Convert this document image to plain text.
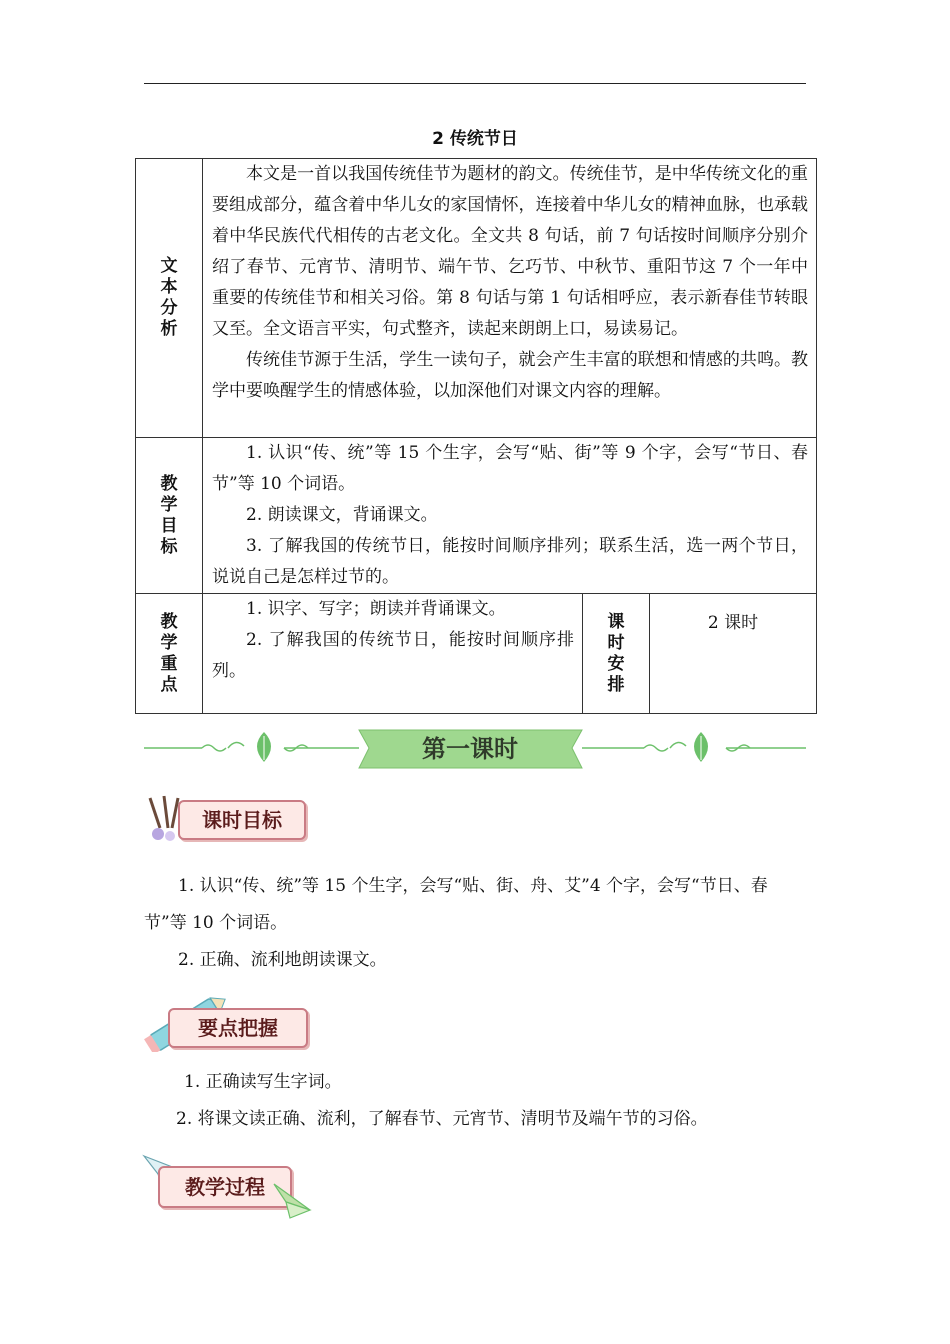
2 传统节日
文本分析	本文是一首以我国传统佳节为题材的韵文。传统佳节，是中华传统文化的重要组成部分，蕴含着中华儿女的家国情怀，连接着中华儿女的精神血脉，也承载着中华民族代代相传的古老文化。全文共 8 句话，前 7 句话按时间顺序分别介绍了春节、元宵节、清明节、端午节、乞巧节、中秋节、重阳节这 7 个一年中重要的传统佳节和相关习俗。第 8 句话与第 1 句话相呼应，表示新春佳节转眼又至。全文语言平实，句式整齐，读起来朗朗上口，易读易记。

传统佳节源于生活，学生一读句子，就会产生丰富的联想和情感的共鸣。教学中要唤醒学生的情感体验，以加深他们对课文内容的理解。		

教学目标	1. 认识“传、统”等 15 个生字，会写“贴、街”等 9 个字，会写“节日、春节”等 10 个词语。

2. 朗读课文，背诵课文。

3. 了解我国的传统节日，能按时间顺序排列；联系生活，选一两个节日，说说自己是怎样过节的。		

教学重点	1. 识字、写字；朗读并背诵课文。

2. 了解我国的传统节日，能按时间顺序排列。	课时安排	2 课时
第一课时
课时目标

1. 认识“传、统”等 15 个生字，会写“贴、街、舟、艾”4 个字，会写“节日、春节”等 10 个词语。

2. 正确、流利地朗读课文。

要点把握

1. 正确读写生字词。

2. 将课文读正确、流利，了解春节、元宵节、清明节及端午节的习俗。

教学过程
